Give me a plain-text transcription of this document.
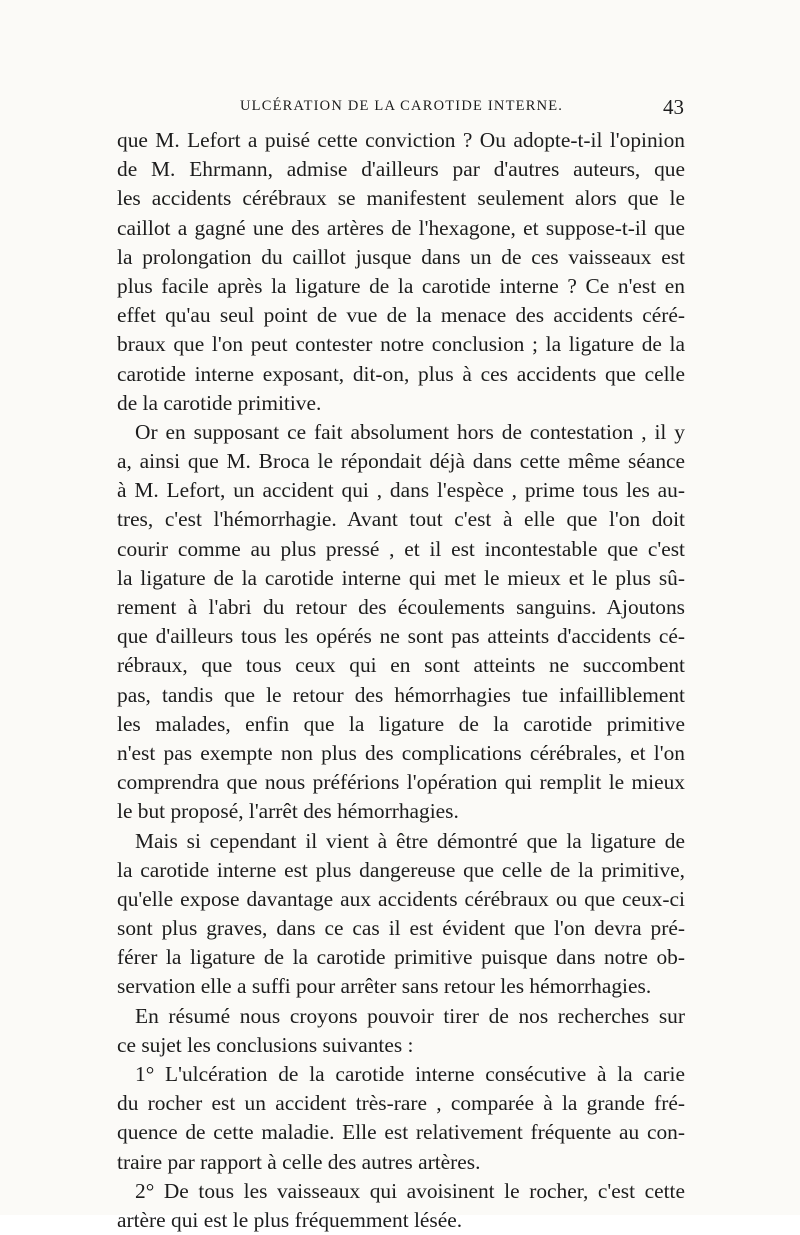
ULCÉRATION DE LA CAROTIDE INTERNE.	43
que M. Lefort a puisé cette conviction ? Ou adopte-t-il l'opinion
de M. Ehrmann, admise d'ailleurs par d'autres auteurs, que
les accidents cérébraux se manifestent seulement alors que le
caillot a gagné une des artères de l'hexagone, et suppose-t-il que
la prolongation du caillot jusque dans un de ces vaisseaux est
plus facile après la ligature de la carotide interne ? Ce n'est en
effet qu'au seul point de vue de la menace des accidents céré-
braux que l'on peut contester notre conclusion ; la ligature de la
carotide interne exposant, dit-on, plus à ces accidents que celle
de la carotide primitive.
Or en supposant ce fait absolument hors de contestation , il y
a, ainsi que M. Broca le répondait déjà dans cette même séance
à M. Lefort, un accident qui , dans l'espèce , prime tous les au-
tres, c'est l'hémorrhagie. Avant tout c'est à elle que l'on doit
courir comme au plus pressé , et il est incontestable que c'est
la ligature de la carotide interne qui met le mieux et le plus sû-
rement à l'abri du retour des écoulements sanguins. Ajoutons
que d'ailleurs tous les opérés ne sont pas atteints d'accidents cé-
rébraux, que tous ceux qui en sont atteints ne succombent
pas, tandis que le retour des hémorrhagies tue infailliblement
les malades, enfin que la ligature de la carotide primitive
n'est pas exempte non plus des complications cérébrales, et l'on
comprendra que nous préférions l'opération qui remplit le mieux
le but proposé, l'arrêt des hémorrhagies.
Mais si cependant il vient à être démontré que la ligature de
la carotide interne est plus dangereuse que celle de la primitive,
qu'elle expose davantage aux accidents cérébraux ou que ceux-ci
sont plus graves, dans ce cas il est évident que l'on devra pré-
férer la ligature de la carotide primitive puisque dans notre ob-
servation elle a suffi pour arrêter sans retour les hémorrhagies.
En résumé nous croyons pouvoir tirer de nos recherches sur
ce sujet les conclusions suivantes :
1° L'ulcération de la carotide interne consécutive à la carie
du rocher est un accident très-rare , comparée à la grande fré-
quence de cette maladie. Elle est relativement fréquente au con-
traire par rapport à celle des autres artères.
2° De tous les vaisseaux qui avoisinent le rocher, c'est cette
artère qui est le plus fréquemment lésée.
